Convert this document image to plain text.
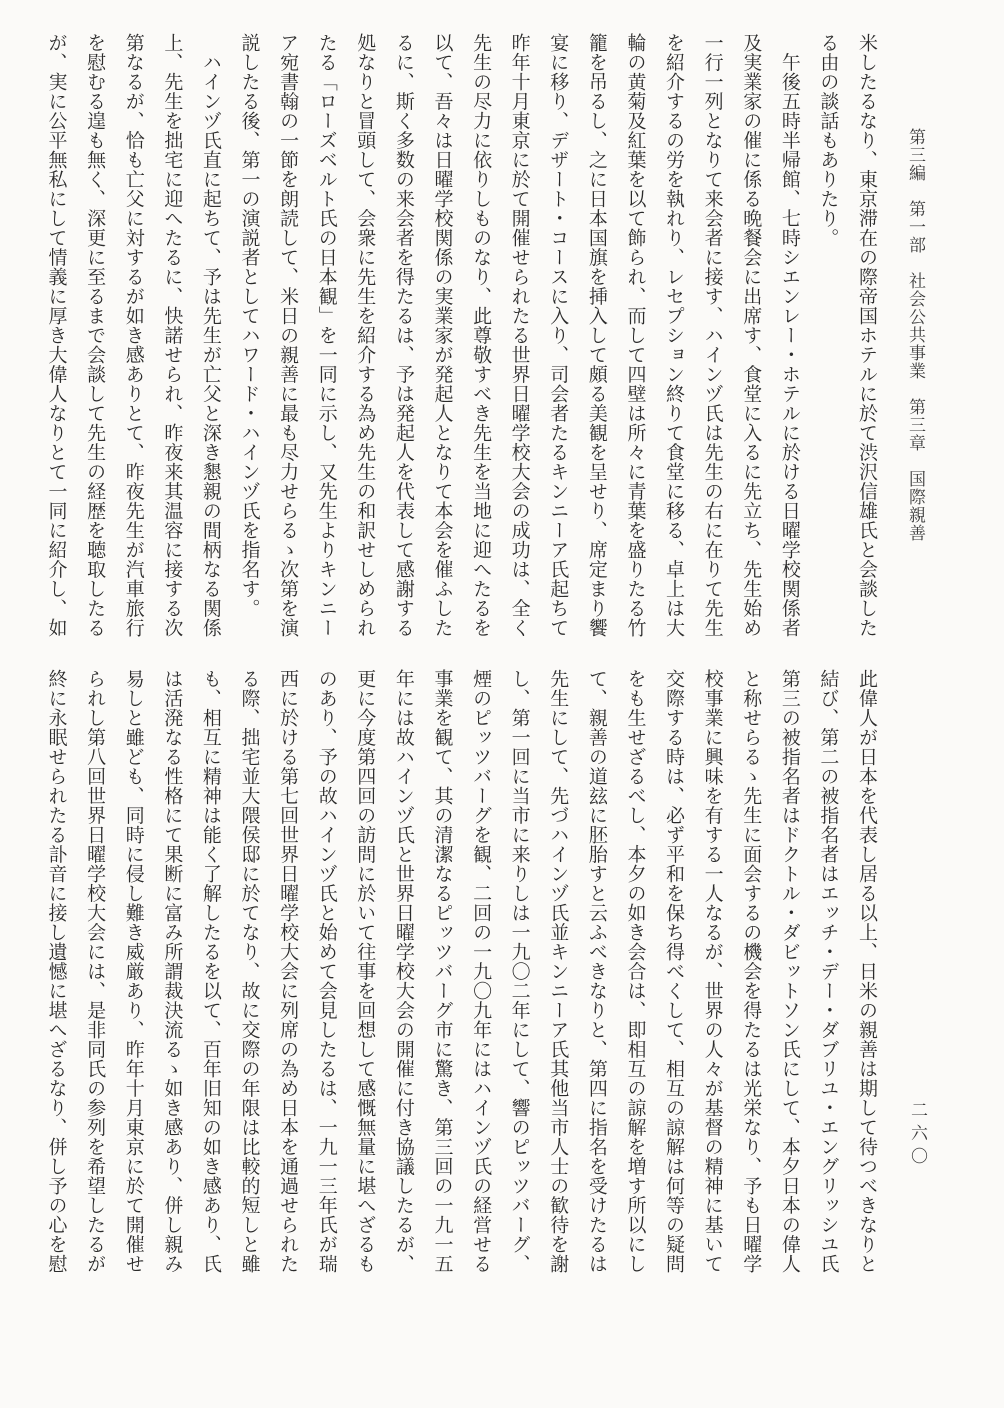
第三編　第一部　社会公共事業　第三章　国際親善
二六〇
米したるなり、東京滞在の際帝国ホテルに於て渋沢信雄氏と会談した
る由の談話もありたり。
　午後五時半帰館、七時シエンレー・ホテルに於ける日曜学校関係者
及実業家の催に係る晩餐会に出席す、食堂に入るに先立ち、先生始め
一行一列となりて来会者に接す、ハインヅ氏は先生の右に在りて先生
を紹介するの労を執れり、レセプション終りて食堂に移る、卓上は大
輪の黄菊及紅葉を以て飾られ、而して四壁は所々に青葉を盛りたる竹
籠を吊るし、之に日本国旗を挿入して頗る美観を呈せり、席定まり饗
宴に移り、デザート・コースに入り、司会者たるキンニーア氏起ちて
昨年十月東京に於て開催せられたる世界日曜学校大会の成功は、全く
先生の尽力に依りしものなり、此尊敬すべき先生を当地に迎へたるを
以て、吾々は日曜学校関係の実業家が発起人となりて本会を催ふした
るに、斯く多数の来会者を得たるは、予は発起人を代表して感謝する
処なりと冒頭して、会衆に先生を紹介する為め先生の和訳せしめられ
たる「ローズベルト氏の日本観」を一同に示し、又先生よりキンニー
ア宛書翰の一節を朗読して、米日の親善に最も尽力せらるゝ次第を演
説したる後、第一の演説者としてハワード・ハインヅ氏を指名す。
　ハインヅ氏直に起ちて、予は先生が亡父と深き懇親の間柄なる関係
上、先生を拙宅に迎へたるに、快諾せられ、昨夜来其温容に接する次
第なるが、恰も亡父に対するが如き感ありとて、昨夜先生が汽車旅行
を慰むる遑も無く、深更に至るまで会談して先生の経歴を聴取したる
が、実に公平無私にして情義に厚き大偉人なりとて一同に紹介し、如
此偉人が日本を代表し居る以上、日米の親善は期して待つべきなりと
結び、第二の被指名者はエッチ・デー・ダブリユ・エングリッシユ氏
第三の被指名者はドクトル・ダビットソン氏にして、本夕日本の偉人
と称せらるゝ先生に面会するの機会を得たるは光栄なり、予も日曜学
校事業に興味を有する一人なるが、世界の人々が基督の精神に基いて
交際する時は、必ず平和を保ち得べくして、相互の諒解は何等の疑問
をも生せざるべし、本夕の如き会合は、即相互の諒解を増す所以にし
て、親善の道玆に胚胎すと云ふべきなりと、第四に指名を受けたるは
先生にして、先づハインヅ氏並キンニーア氏其他当市人士の歓待を謝
し、第一回に当市に来りしは一九〇二年にして、響のピッツバーグ、
煙のピッツバーグを観、二回の一九〇九年にはハインヅ氏の経営せる
事業を観て、其の清潔なるピッツバーグ市に驚き、第三回の一九一五
年には故ハインヅ氏と世界日曜学校大会の開催に付き協議したるが、
更に今度第四回の訪問に於いて往事を回想して感慨無量に堪へざるも
のあり、予の故ハインヅ氏と始めて会見したるは、一九一三年氏が瑞
西に於ける第七回世界日曜学校大会に列席の為め日本を通過せられた
る際、拙宅並大隈侯邸に於てなり、故に交際の年限は比較的短しと雖
も、相互に精神は能く了解したるを以て、百年旧知の如き感あり、氏
は活溌なる性格にて果断に富み所謂裁決流るゝ如き感あり、併し親み
易しと雖ども、同時に侵し難き威厳あり、昨年十月東京に於て開催せ
られし第八回世界日曜学校大会には、是非同氏の参列を希望したるが
終に永眠せられたる訃音に接し遺憾に堪へざるなり、併し予の心を慰
